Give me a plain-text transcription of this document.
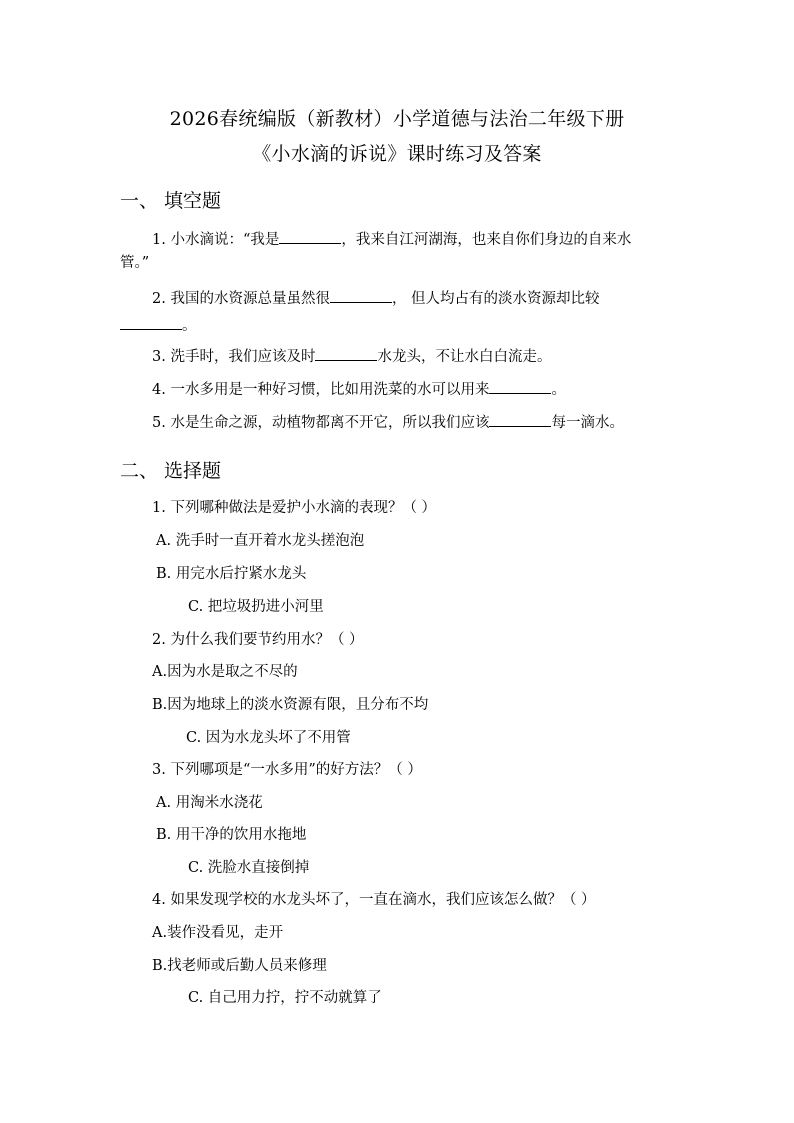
2026春统编版（新教材）小学道德与法治二年级下册
《小水滴的诉说》课时练习及答案
一、 填空题
1. 小水滴说：“我是	，我来自江河湖海，也来自你们身边的自来水
管。”
2. 我国的水资源总量虽然很	， 但人均占有的淡水资源却比较
。
3. 洗手时，我们应该及时	水龙头，不让水白白流走。
4. 一水多用是一种好习惯，比如用洗菜的水可以用来	。
5. 水是生命之源，动植物都离不开它，所以我们应该	每一滴水。
二、 选择题
1. 下列哪种做法是爱护小水滴的表现？（ ）
A. 洗手时一直开着水龙头搓泡泡
B. 用完水后拧紧水龙头
C. 把垃圾扔进小河里
2. 为什么我们要节约用水？（ ）
A.因为水是取之不尽的
B.因为地球上的淡水资源有限，且分布不均
C. 因为水龙头坏了不用管
3. 下列哪项是“一水多用”的好方法？（ ）
A. 用淘米水浇花
B. 用干净的饮用水拖地
C. 洗脸水直接倒掉
4. 如果发现学校的水龙头坏了，一直在滴水，我们应该怎么做？（ ）
A.装作没看见，走开
B.找老师或后勤人员来修理
C. 自己用力拧，拧不动就算了
